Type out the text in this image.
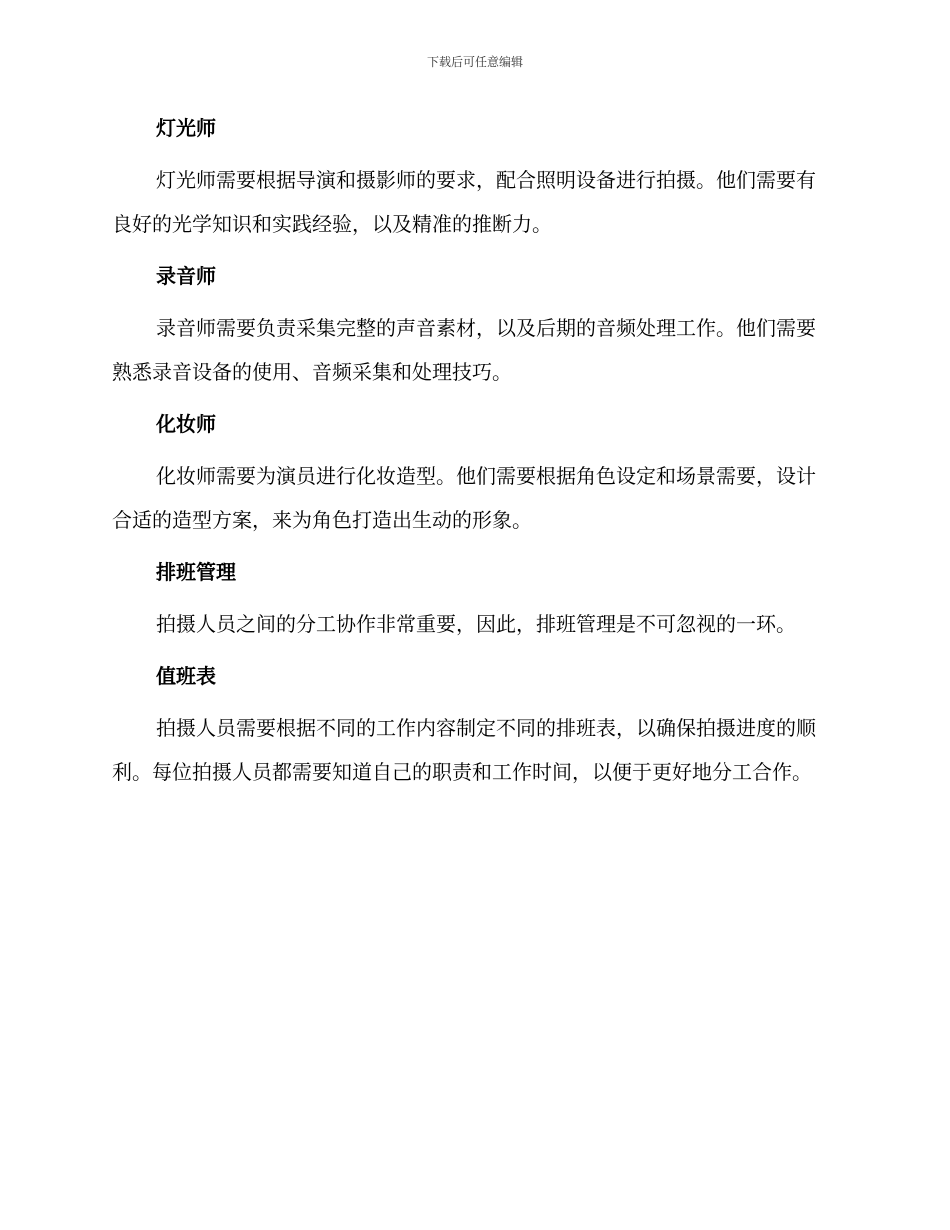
下载后可任意编辑
灯光师

灯光师需要根据导演和摄影师的要求，配合照明设备进行拍摄。他们需要有良好的光学知识和实践经验，以及精准的推断力。

录音师

录音师需要负责采集完整的声音素材，以及后期的音频处理工作。他们需要熟悉录音设备的使用、音频采集和处理技巧。

化妆师

化妆师需要为演员进行化妆造型。他们需要根据角色设定和场景需要，设计合适的造型方案，来为角色打造出生动的形象。

排班管理

拍摄人员之间的分工协作非常重要，因此，排班管理是不可忽视的一环。

值班表

拍摄人员需要根据不同的工作内容制定不同的排班表，以确保拍摄进度的顺利。每位拍摄人员都需要知道自己的职责和工作时间，以便于更好地分工合作。
